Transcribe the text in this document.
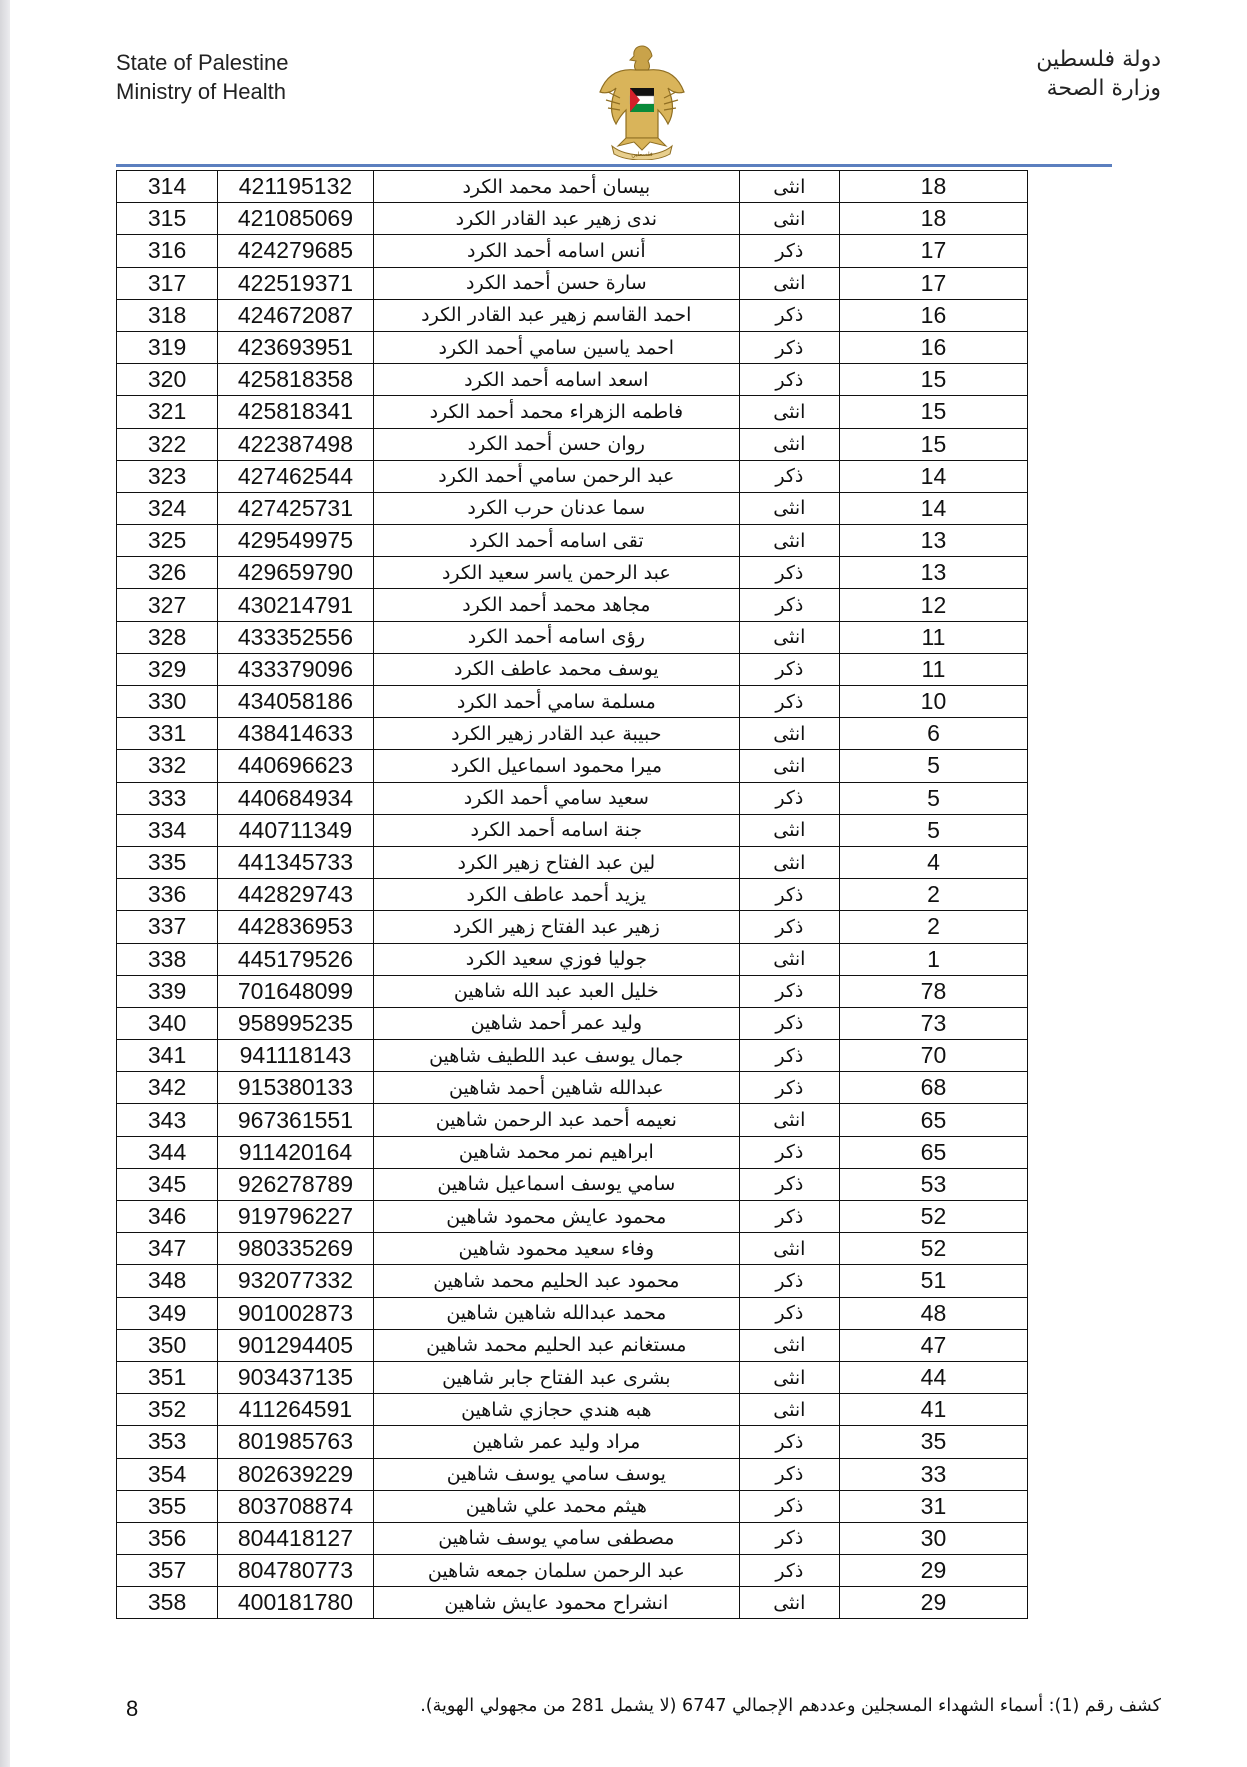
State of Palestine
Ministry of Health
فلسطين
دولة فلسطين
وزارة الصحة
314	421195132	بيسان أحمد محمد الكرد	انثى	18
315	421085069	ندى زهير عبد القادر الكرد	انثى	18
316	424279685	أنس اسامه أحمد الكرد	ذكر	17
317	422519371	سارة حسن أحمد الكرد	انثى	17
318	424672087	احمد القاسم زهير عبد القادر الكرد	ذكر	16
319	423693951	احمد ياسين سامي أحمد الكرد	ذكر	16
320	425818358	اسعد اسامه أحمد الكرد	ذكر	15
321	425818341	فاطمه الزهراء محمد أحمد الكرد	انثى	15
322	422387498	روان حسن أحمد الكرد	انثى	15
323	427462544	عبد الرحمن سامي أحمد الكرد	ذكر	14
324	427425731	سما عدنان حرب الكرد	انثى	14
325	429549975	تقى اسامه أحمد الكرد	انثى	13
326	429659790	عبد الرحمن ياسر سعيد الكرد	ذكر	13
327	430214791	مجاهد محمد أحمد الكرد	ذكر	12
328	433352556	رؤى اسامه أحمد الكرد	انثى	11
329	433379096	يوسف محمد عاطف الكرد	ذكر	11
330	434058186	مسلمة سامي أحمد الكرد	ذكر	10
331	438414633	حبيبة عبد القادر زهير الكرد	انثى	6
332	440696623	ميرا محمود اسماعيل الكرد	انثى	5
333	440684934	سعيد سامي أحمد الكرد	ذكر	5
334	440711349	جنة اسامه أحمد الكرد	انثى	5
335	441345733	لين عبد الفتاح زهير الكرد	انثى	4
336	442829743	يزيد أحمد عاطف الكرد	ذكر	2
337	442836953	زهير عبد الفتاح زهير الكرد	ذكر	2
338	445179526	جوليا فوزي سعيد الكرد	انثى	1
339	701648099	خليل العبد عبد الله شاهين	ذكر	78
340	958995235	وليد عمر أحمد شاهين	ذكر	73
341	941118143	جمال يوسف عبد اللطيف شاهين	ذكر	70
342	915380133	عبدالله شاهين أحمد شاهين	ذكر	68
343	967361551	نعيمه أحمد عبد الرحمن شاهين	انثى	65
344	911420164	ابراهيم نمر محمد شاهين	ذكر	65
345	926278789	سامي يوسف اسماعيل شاهين	ذكر	53
346	919796227	محمود عايش محمود شاهين	ذكر	52
347	980335269	وفاء سعيد محمود شاهين	انثى	52
348	932077332	محمود عبد الحليم محمد شاهين	ذكر	51
349	901002873	محمد عبدالله شاهين شاهين	ذكر	48
350	901294405	مستغانم عبد الحليم محمد شاهين	انثى	47
351	903437135	بشرى عبد الفتاح جابر شاهين	انثى	44
352	411264591	هبه هندي حجازي شاهين	انثى	41
353	801985763	مراد وليد عمر شاهين	ذكر	35
354	802639229	يوسف سامي يوسف شاهين	ذكر	33
355	803708874	هيثم محمد علي شاهين	ذكر	31
356	804418127	مصطفى سامي يوسف شاهين	ذكر	30
357	804780773	عبد الرحمن سلمان جمعه شاهين	ذكر	29
358	400181780	انشراح محمود عايش شاهين	انثى	29
8	كشف رقم (1): أسماء الشهداء المسجلين وعددهم الإجمالي 6747 (لا يشمل 281 من مجهولي الهوية).
